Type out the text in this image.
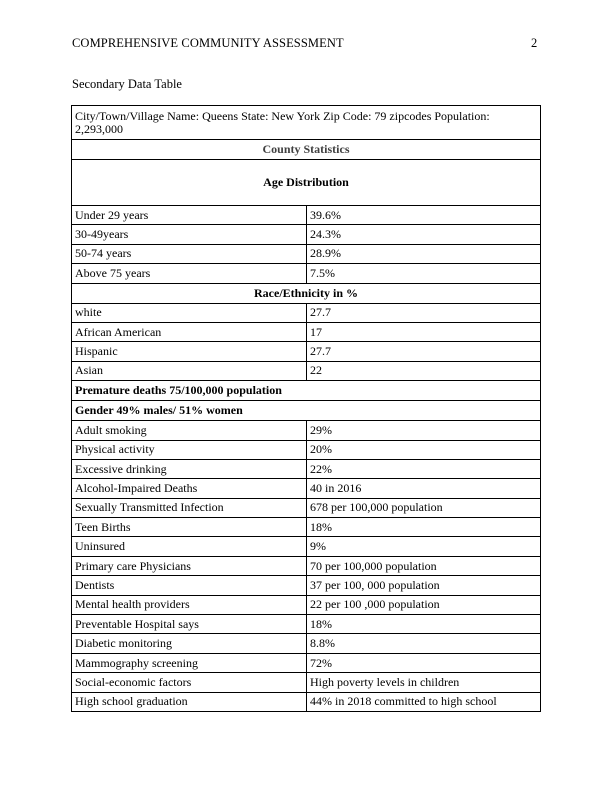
COMPREHENSIVE COMMUNITY ASSESSMENT	2
Secondary Data Table
City/Town/Village Name: Queens State: New York Zip Code: 79 zipcodes Population: 2,293,000	
County Statistics	
Age Distribution	
Under 29 years	39.6%
30-49years	24.3%
50-74 years	28.9%
Above 75 years	7.5%
Race/Ethnicity in %	
white	27.7
African American	17
Hispanic	27.7
Asian	22
Premature deaths 75/100,000 population	
Gender 49% males/ 51% women	
Adult smoking	29%
Physical activity	20%
Excessive drinking	22%
Alcohol-Impaired Deaths	40 in 2016
Sexually Transmitted Infection	678 per 100,000 population
Teen Births	18%
Uninsured	9%
Primary care Physicians	70 per 100,000 population
Dentists	37 per 100, 000 population
Mental health providers	22 per 100 ,000 population
Preventable Hospital says	18%
Diabetic monitoring	8.8%
Mammography screening	72%
Social-economic factors	High poverty levels in children
High school graduation	44% in 2018 committed to high school
